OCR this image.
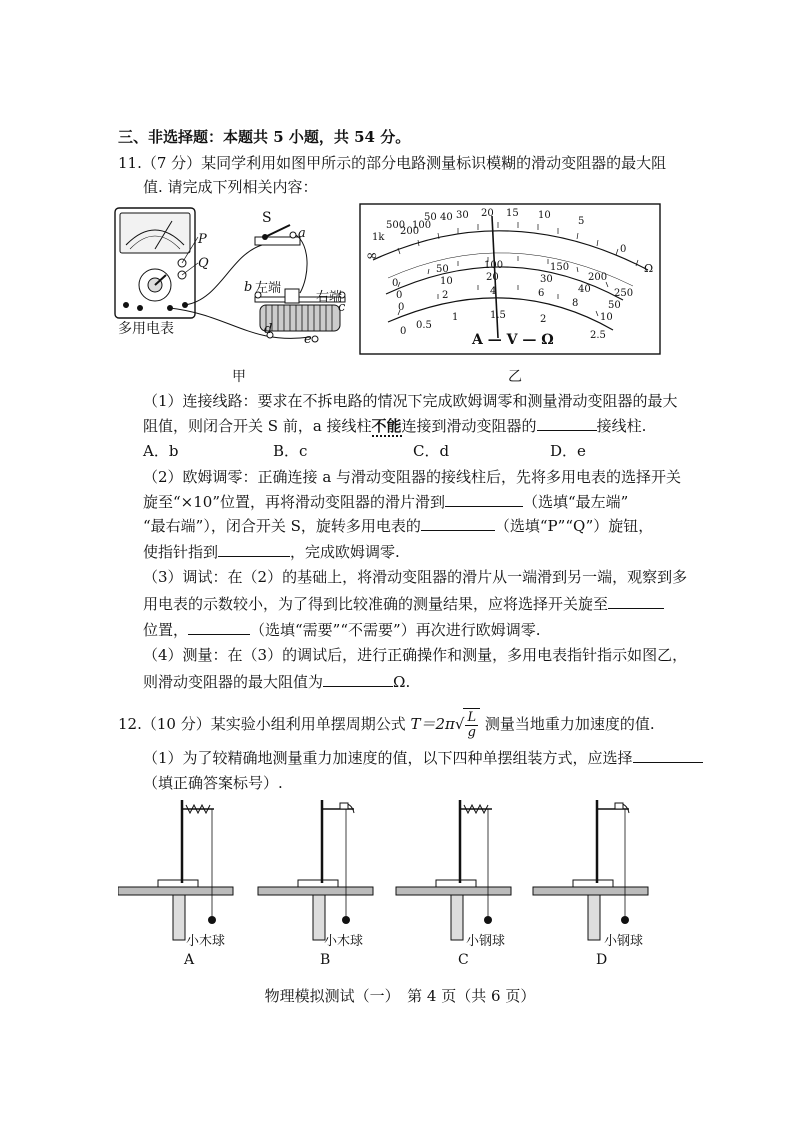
三、非选择题：本题共 5 小题，共 54 分。
11.（7 分）某同学利用如图甲所示的部分电路测量标识模糊的滑动变阻器的最大阻
值. 请完成下列相关内容：
S
a
P
Q
b 左端
右端
c
d
e
多用电表
∞
1k
500
200
100
50 40 30 20 15 10
5
0
Ω
0
50	100	150
200
250
0
10	20	30
40
50
0
2	4	6
8
10
0
0.5
1	1.5	2
2.5
A — V — Ω
甲	乙
（1）连接线路：要求在不拆电路的情况下完成欧姆调零和测量滑动变阻器的最大
阻值，则闭合开关 S 前，a 接线柱不能连接到滑动变阻器的	接线柱.
A．b	B．c	C．d	D．e
（2）欧姆调零：正确连接 a 与滑动变阻器的接线柱后，先将多用电表的选择开关
旋至“×10”位置，再将滑动变阻器的滑片滑到	（选填“最左端”
“最右端”），闭合开关 S，旋转多用电表的	（选填“P”“Q”）旋钮，
使指针指到	，完成欧姆调零.
（3）调试：在（2）的基础上，将滑动变阻器的滑片从一端滑到另一端，观察到多
用电表的示数较小，为了得到比较准确的测量结果，应将选择开关旋至
位置，	（选填“需要”“不需要”）再次进行欧姆调零.
（4）测量：在（3）的调试后，进行正确操作和测量，多用电表指针指示如图乙，
则滑动变阻器的最大阻值为	Ω.
12.（10 分）某实验小组利用单摆周期公式 $T=2\pi√ \frac{L}{g}$ 测量当地重力加速度的值.
（1）为了较精确地测量重力加速度的值，以下四种单摆组装方式，应选择
（填正确答案标号）.
小木球	小木球	小钢球	小钢球
A	B	C	D
物理模拟测试（一）　第 4 页（共 6 页）
